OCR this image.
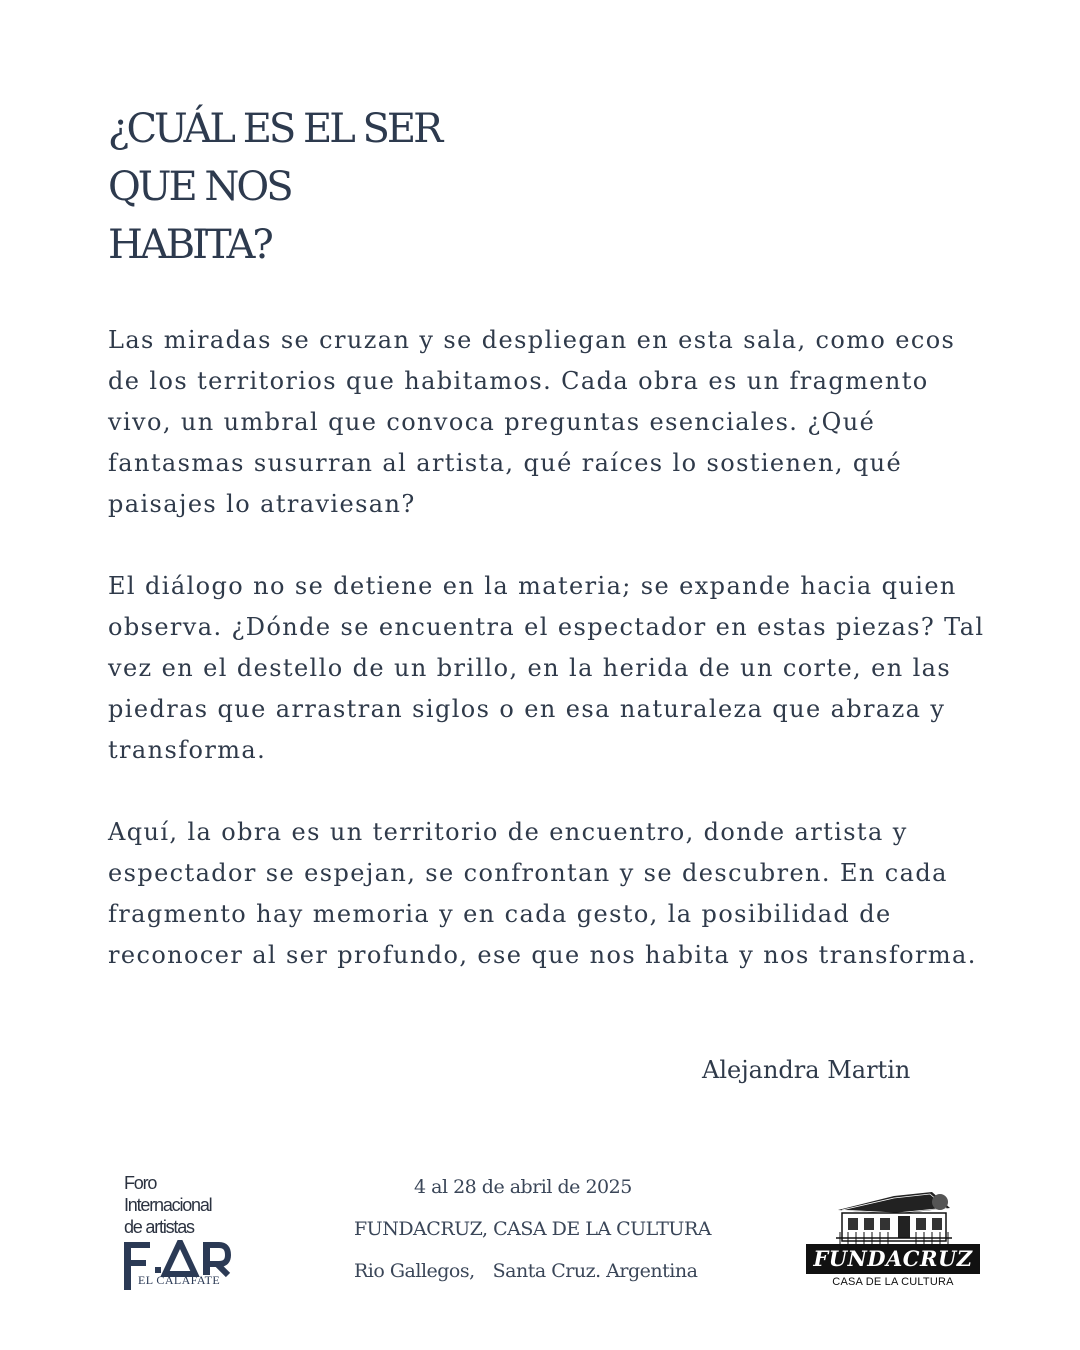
¿CUÁL ES EL SER
QUE NOS
HABITA?

Las miradas se cruzan y se despliegan en esta sala, como ecos de los territorios que habitamos. Cada obra es un fragmento vivo, un umbral que convoca preguntas esenciales. ¿Qué fantasmas susurran al artista, qué raíces lo sostienen, qué paisajes lo atraviesan?

El diálogo no se detiene en la materia; se expande hacia quien observa. ¿Dónde se encuentra el espectador en estas piezas? Tal vez en el destello de un brillo, en la herida de un corte, en las piedras que arrastran siglos o en esa naturaleza que abraza y transforma.

Aquí, la obra es un territorio de encuentro, donde artista y espectador se espejan, se confrontan y se descubren. En cada fragmento hay memoria y en cada gesto, la posibilidad de reconocer al ser profundo, ese que nos habita y nos transforma.

Alejandra Martin
Foro
Internacional
de artistas
EL CALAFATE
4 al 28 de abril de 2025
FUNDACRUZ, CASA DE LA CULTURA
Rio Gallegos, Santa Cruz. Argentina	FUNDACRUZ
CASA DE LA CULTURA
